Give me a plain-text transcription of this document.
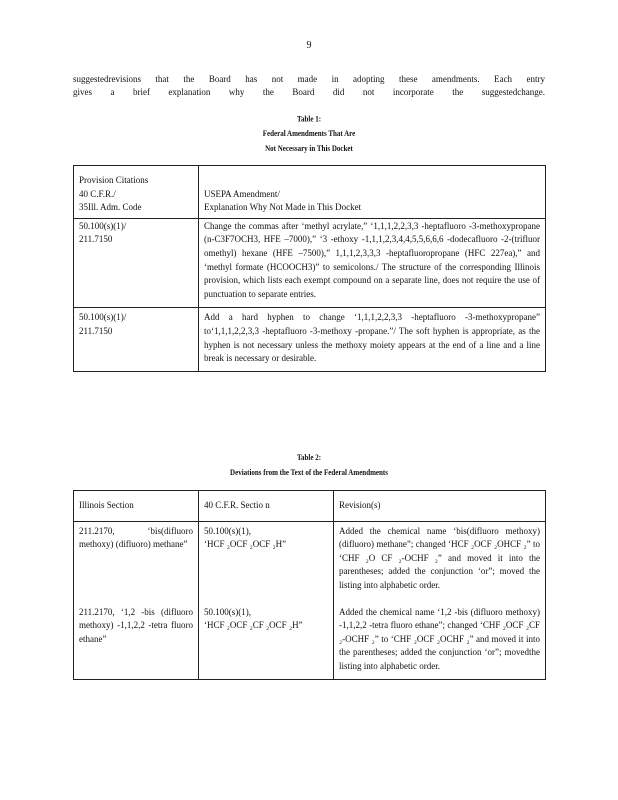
9

suggestedrevisions that the Board has not made in adopting these amendments. Each entry

gives a brief explanation why the Board did not incorporate the suggestedchange.

Table 1:
Federal Amendments That Are
Not Necessary in This Docket
Provision Citations
40 C.F.R./
35Ill. Adm. Code	USEPA Amendment/
Explanation Why Not Made in This Docket

50.100(s)(1)/
211.7150	Change the commas after ‘methyl acrylate,” ‘1,1,1,2,2,3,3 -heptafluoro -3-methoxypropane (n-C3F7OCH3, HFE –7000),” ‘3 -ethoxy -1,1,1,2,3,4,4,5,5,6,6,6 -dodecafluoro -2-(trifluor omethyl) hexane (HFE –7500),” 1,1,1,2,3,3,3 -heptafluoropropane (HFC 227ea),” and ‘methyl formate (HCOOCH3)” to semicolons./ The structure of the corresponding Illinois provision, which lists each exempt compound on a separate line, does not require the use of punctuation to separate entries.

50.100(s)(1)/
211.7150	Add a hard hyphen to change ‘1,1,1,2,2,3,3 -heptafluoro -3-methoxypropane” to‘1,1,1,2,2,3,3 -heptafluoro -3-methoxy -propane.”/ The soft hyphen is appropriate, as the hyphen is not necessary unless the methoxy moiety appears at the end of a line and a line break is necessary or desirable.
Table 2:
Deviations from the Text of the Federal Amendments
Illinois Section	40 C.F.R. Sectio n	Revision(s)
211.2170, ‘bis(difluoro methoxy) (difluoro) methane”	50.100(s)(1),
‘HCF ₂OCF ₂OCF ₂H”	Added the chemical name ‘bis(difluoro methoxy) (difluoro) methane”; changed ‘HCF ₂OCF ₂OHCF ₂” to ‘CHF ₂O CF ₂-OCHF ₂” and moved it into the parentheses; added the conjunction ‘or”; moved the listing into alphabetic order.
211.2170, ‘1,2 -bis (difluoro methoxy) -1,1,2,2 -tetra fluoro ethane”	50.100(s)(1),
‘HCF ₂OCF ₂CF ₂OCF ₂H”	Added the chemical name ‘1,2 -bis (difluoro methoxy) -1,1,2,2 -tetra fluoro ethane”; changed ‘CHF ₂OCF ₂CF ₂-OCHF ₂” to ‘CHF ₂OCF ₂OCHF ₂” and moved it into the parentheses; added the conjunction ‘or”; movedthe listing into alphabetic order.
